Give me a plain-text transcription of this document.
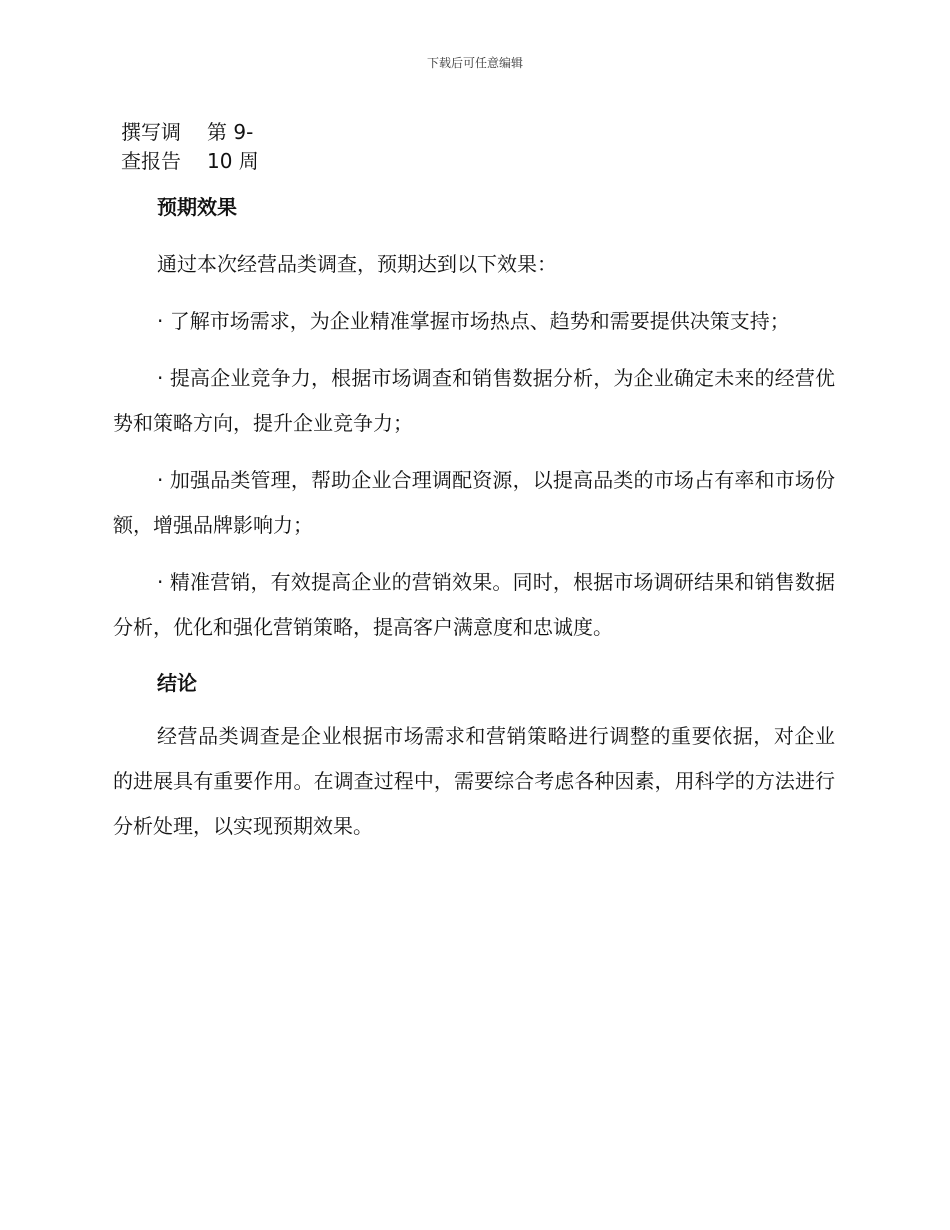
下载后可任意编辑
撰写调
查报告
第 9-
10 周
预期效果

通过本次经营品类调查，预期达到以下效果：

· 了解市场需求，为企业精准掌握市场热点、趋势和需要提供决策支持；

· 提高企业竞争力，根据市场调查和销售数据分析，为企业确定未来的经营优势和策略方向，提升企业竞争力；

· 加强品类管理，帮助企业合理调配资源，以提高品类的市场占有率和市场份额，增强品牌影响力；

· 精准营销，有效提高企业的营销效果。同时，根据市场调研结果和销售数据分析，优化和强化营销策略，提高客户满意度和忠诚度。

结论

经营品类调查是企业根据市场需求和营销策略进行调整的重要依据，对企业的进展具有重要作用。在调查过程中，需要综合考虑各种因素，用科学的方法进行分析处理，以实现预期效果。
